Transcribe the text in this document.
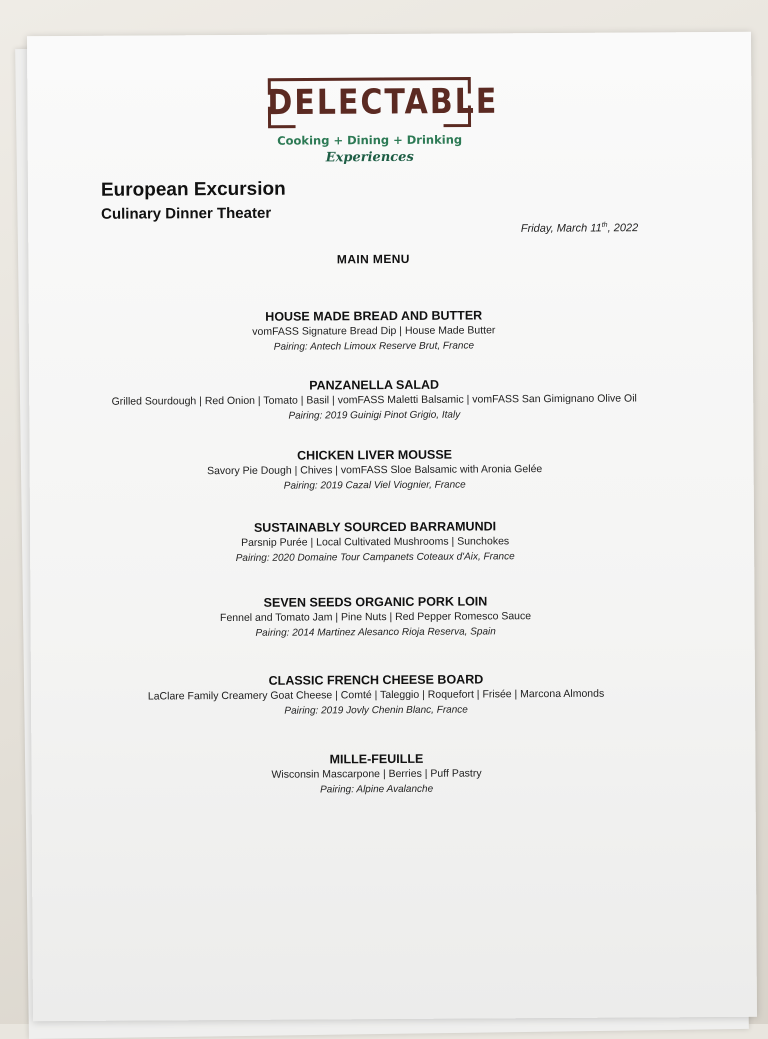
DELECTABLE
Cooking + Dining + Drinking
Experiences
European Excursion
Culinary Dinner Theater
Friday, March 11th, 2022
MAIN MENU
HOUSE MADE BREAD AND BUTTER
vomFASS Signature Bread Dip | House Made Butter
Pairing: Antech Limoux Reserve Brut, France
PANZANELLA SALAD
Grilled Sourdough | Red Onion | Tomato | Basil | vomFASS Maletti Balsamic | vomFASS San Gimignano Olive Oil
Pairing: 2019 Guinigi Pinot Grigio, Italy
CHICKEN LIVER MOUSSE
Savory Pie Dough | Chives | vomFASS Sloe Balsamic with Aronia Gelée
Pairing: 2019 Cazal Viel Viognier, France
SUSTAINABLY SOURCED BARRAMUNDI
Parsnip Purée | Local Cultivated Mushrooms | Sunchokes
Pairing: 2020 Domaine Tour Campanets Coteaux d'Aix, France
SEVEN SEEDS ORGANIC PORK LOIN
Fennel and Tomato Jam | Pine Nuts | Red Pepper Romesco Sauce
Pairing: 2014 Martinez Alesanco Rioja Reserva, Spain
CLASSIC FRENCH CHEESE BOARD
LaClare Family Creamery Goat Cheese | Comté | Taleggio | Roquefort | Frisée | Marcona Almonds
Pairing: 2019 Jovly Chenin Blanc, France
MILLE-FEUILLE
Wisconsin Mascarpone | Berries | Puff Pastry
Pairing: Alpine Avalanche
